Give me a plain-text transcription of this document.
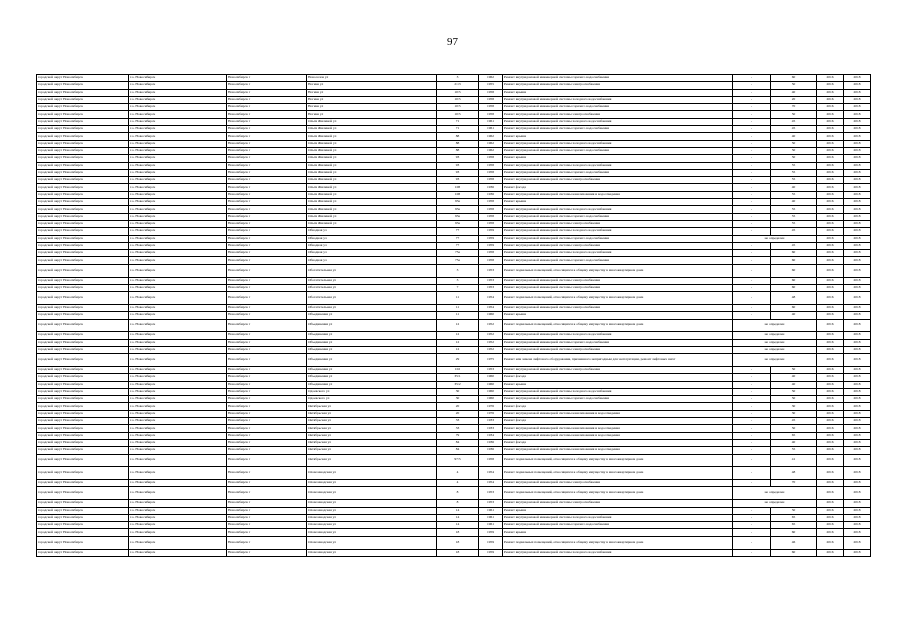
97
городской округ Новосибирск	г.о. Новосибирск	Новосибирск г	Новоселов ул	3	1962	Ремонт внутридомовой инженерной системы горячего водоснабжения	-	60	2016	2018
городской округ Новосибирск	г.о. Новосибирск	Новосибирск г	Ногина ул	2/13	1955	Ремонт внутридомовой инженерной системы электроснабжения	-	50	2016	2018
городской округ Новосибирск	г.о. Новосибирск	Новосибирск г	Ногина ул	10/5	1958	Ремонт крыши	-	40	2016	2018
городской округ Новосибирск	г.о. Новосибирск	Новосибирск г	Ногина ул	10/5	1958	Ремонт внутридомовой инженерной системы холодного водоснабжения	-	20	2016	2018
городской округ Новосибирск	г.о. Новосибирск	Новосибирск г	Ногина ул	10/5	1958	Ремонт внутридомовой инженерной системы горячего водоснабжения	-	70	2016	2018
городской округ Новосибирск	г.о. Новосибирск	Новосибирск г	Ногина ул	10/5	1958	Ремонт внутридомовой инженерной системы электроснабжения	-	50	2016	2018
городской округ Новосибирск	г.о. Новосибирск	Новосибирск г	Ольги Жилиной ул	71	1961	Ремонт внутридомовой инженерной системы холодного водоснабжения	-	45	2016	2018
городской округ Новосибирск	г.о. Новосибирск	Новосибирск г	Ольги Жилиной ул	71	1961	Ремонт внутридомовой инженерной системы горячего водоснабжения	-	45	2016	2018
городской округ Новосибирск	г.о. Новосибирск	Новосибирск г	Ольги Жилиной ул	88	1962	Ремонт крыши	-	40	2016	2018
городской округ Новосибирск	г.о. Новосибирск	Новосибирск г	Ольги Жилиной ул	88	1962	Ремонт внутридомовой инженерной системы холодного водоснабжения	-	50	2016	2018
городской округ Новосибирск	г.о. Новосибирск	Новосибирск г	Ольги Жилиной ул	88	1962	Ремонт внутридомовой инженерной системы горячего водоснабжения	-	50	2016	2018
городской округ Новосибирск	г.о. Новосибирск	Новосибирск г	Ольги Жилиной ул	93	1958	Ремонт крыши	-	50	2016	2018
городской округ Новосибирск	г.о. Новосибирск	Новосибирск г	Ольги Жилиной ул	93	1958	Ремонт внутридомовой инженерной системы холодного водоснабжения	-	55	2016	2018
городской округ Новосибирск	г.о. Новосибирск	Новосибирск г	Ольги Жилиной ул	93	1958	Ремонт внутридомовой инженерной системы горячего водоснабжения	-	55	2016	2018
городской округ Новосибирск	г.о. Новосибирск	Новосибирск г	Ольги Жилиной ул	93	1958	Ремонт внутридомовой инженерной системы электроснабжения	-	55	2016	2018
городской округ Новосибирск	г.о. Новосибирск	Новосибирск г	Ольги Жилиной ул	108	1936	Ремонт фасада	-	40	2016	2018
городской округ Новосибирск	г.о. Новосибирск	Новосибирск г	Ольги Жилиной ул	108	1936	Ремонт внутридомовой инженерной системы канализования и водоотведения	-	55	2016	2018
городской округ Новосибирск	г.о. Новосибирск	Новосибирск г	Ольги Жилиной ул	93а	1958	Ремонт крыши	-	40	2016	2018
городской округ Новосибирск	г.о. Новосибирск	Новосибирск г	Ольги Жилиной ул	93а	1958	Ремонт внутридомовой инженерной системы холодного водоснабжения	-	55	2016	2018
городской округ Новосибирск	г.о. Новосибирск	Новосибирск г	Ольги Жилиной ул	93а	1958	Ремонт внутридомовой инженерной системы горячего водоснабжения	-	55	2016	2018
городской округ Новосибирск	г.о. Новосибирск	Новосибирск г	Ольги Жилиной ул	93а	1958	Ремонт внутридомовой инженерной системы электроснабжения	-	55	2016	2018
городской округ Новосибирск	г.о. Новосибирск	Новосибирск г	Обводная ул	77	1959	Ремонт внутридомовой инженерной системы холодного водоснабжения	-	45	2016	2018
городской округ Новосибирск	г.о. Новосибирск	Новосибирск г	Обводная ул	77	1959	Ремонт внутридомовой инженерной системы горячего водоснабжения	не определен		2016	2018
городской округ Новосибирск	г.о. Новосибирск	Новосибирск г	Обводная ул	77	1959	Ремонт внутридомовой инженерной системы электроснабжения	-	45	2016	2018
городской округ Новосибирск	г.о. Новосибирск	Новосибирск г	Обводная ул	75а	1958	Ремонт внутридомовой инженерной системы холодного водоснабжения	-	60	2016	2018
городской округ Новосибирск	г.о. Новосибирск	Новосибирск г	Обводная ул	75а	1958	Ремонт внутридомовой инженерной системы горячего водоснабжения	-	60	2016	2018
городской округ Новосибирск	г.о. Новосибирск	Новосибирск г	Обогатительная ул	3	1953	Ремонт подвальных помещений, относящихся к общему имуществу в многоквартирном доме	-	60	2016	2018
городской округ Новосибирск	г.о. Новосибирск	Новосибирск г	Обогатительная ул	3	1953	Ремонт внутридомовой инженерной системы электроснабжения	-	60	2016	2018
городской округ Новосибирск	г.о. Новосибирск	Новосибирск г	Обогатительная ул	7	1953	Ремонт внутридомовой инженерной системы электроснабжения	-	60	2016	2018
городской округ Новосибирск	г.о. Новосибирск	Новосибирск г	Обогатительная ул	11	1954	Ремонт подвальных помещений, относящихся к общему имуществу в многоквартирном доме	-	48	2016	2018
городской округ Новосибирск	г.о. Новосибирск	Новосибирск г	Обогатительная ул	11	1954	Ремонт внутридомовой инженерной системы электроснабжения	-	60	2016	2018
городской округ Новосибирск	г.о. Новосибирск	Новосибирск г	Объединения ул	11	1960	Ремонт крыши	-	40	2016	2018
городской округ Новосибирск	г.о. Новосибирск	Новосибирск г	Объединения ул	12	1952	Ремонт подвальных помещений, относящихся к общему имуществу в многоквартирном доме	не определен		2016	2018
городской округ Новосибирск	г.о. Новосибирск	Новосибирск г	Объединения ул	12	1952	Ремонт внутридомовой инженерной системы холодного водоснабжения	не определен		2016	2018
городской округ Новосибирск	г.о. Новосибирск	Новосибирск г	Объединения ул	12	1952	Ремонт внутридомовой инженерной системы горячего водоснабжения	не определен		2016	2018
городской округ Новосибирск	г.о. Новосибирск	Новосибирск г	Объединения ул	12	1952	Ремонт внутридомовой инженерной системы электроснабжения	не определен		2016	2018
городской округ Новосибирск	г.о. Новосибирск	Новосибирск г	Объединения ул	29	1975	Ремонт или замена лифтового оборудования, признанного непригодным для эксплуатации, ремонт лифтовых шахт	не определен		2016	2018
городской округ Новосибирск	г.о. Новосибирск	Новосибирск г	Объединения ул	102	1953	Ремонт внутридомовой инженерной системы электроснабжения	-	50	2016	2018
городской округ Новосибирск	г.о. Новосибирск	Новосибирск г	Объединения ул	35/1	1960	Ремонт фасада	-	40	2016	2018
городской округ Новосибирск	г.о. Новосибирск	Новосибирск г	Объединения ул	35/2	1960	Ремонт крыши	-	40	2016	2018
городской округ Новосибирск	г.о. Новосибирск	Новосибирск г	Одоевского ул	30	1960	Ремонт внутридомовой инженерной системы холодного водоснабжения	-	50	2016	2018
городской округ Новосибирск	г.о. Новосибирск	Новосибирск г	Одоевского ул	30	1960	Ремонт внутридомовой инженерной системы горячего водоснабжения	-	50	2016	2018
городской округ Новосибирск	г.о. Новосибирск	Новосибирск г	Октябрьская ул	20	1976	Ремонт фасада	-	30	2016	2018
городской округ Новосибирск	г.о. Новосибирск	Новосибирск г	Октябрьская ул	20	1976	Ремонт внутридомовой инженерной системы канализования и водоотведения	-	30	2016	2018
городской округ Новосибирск	г.о. Новосибирск	Новосибирск г	Октябрьская ул	33	1933	Ремонт фасада	-	45	2016	2018
городской округ Новосибирск	г.о. Новосибирск	Новосибирск г	Октябрьская ул	33	1933	Ремонт внутридомовой инженерной системы канализования и водоотведения	-	50	2016	2018
городской округ Новосибирск	г.о. Новосибирск	Новосибирск г	Октябрьская ул	79	1934	Ремонт внутридомовой инженерной системы канализования и водоотведения	-	65	2016	2018
городской округ Новосибирск	г.о. Новосибирск	Новосибирск г	Октябрьская ул	84	1936	Ремонт фасада	-	40	2016	2018
городской округ Новосибирск	г.о. Новосибирск	Новосибирск г	Октябрьская ул	84	1936	Ремонт внутридомовой инженерной системы канализования и водоотведения	-	55	2016	2018
городской округ Новосибирск	г.о. Новосибирск	Новосибирск г	Октябрьская ул	97/5	1958	Ремонт подвальных помещений, относящихся к общему имуществу в многоквартирном доме	-	41	2016	2018
городской округ Новосибирск	г.о. Новосибирск	Новосибирск г	Оловозаводская ул	4	1954	Ремонт подвальных помещений, относящихся к общему имуществу в многоквартирном доме	-	48	2016	2018
городской округ Новосибирск	г.о. Новосибирск	Новосибирск г	Оловозаводская ул	4	1954	Ремонт внутридомовой инженерной системы электроснабжения	-	70	2016	2018
городской округ Новосибирск	г.о. Новосибирск	Новосибирск г	Оловозаводская ул	8	1953	Ремонт подвальных помещений, относящихся к общему имуществу в многоквартирном доме	не определен		2016	2018
городской округ Новосибирск	г.о. Новосибирск	Новосибирск г	Оловозаводская ул	8	1953	Ремонт внутридомовой инженерной системы электроснабжения	не определен		2016	2018
городской округ Новосибирск	г.о. Новосибирск	Новосибирск г	Оловозаводская ул	14	1961	Ремонт крыши	-	50	2016	2018
городской округ Новосибирск	г.о. Новосибирск	Новосибирск г	Оловозаводская ул	14	1961	Ремонт внутридомовой инженерной системы холодного водоснабжения	-	65	2016	2018
городской округ Новосибирск	г.о. Новосибирск	Новосибирск г	Оловозаводская ул	14	1961	Ремонт внутридомовой инженерной системы горячего водоснабжения	-	65	2016	2018
городской округ Новосибирск	г.о. Новосибирск	Новосибирск г	Оловозаводская ул	18	1959	Ремонт крыши	-	60	2016	2018
городской округ Новосибирск	г.о. Новосибирск	Новосибирск г	Оловозаводская ул	18	1959	Ремонт подвальных помещений, относящихся к общему имуществу в многоквартирном доме	-	46	2016	2018
городской округ Новосибирск	г.о. Новосибирск	Новосибирск г	Оловозаводская ул	18	1959	Ремонт внутридомовой инженерной системы холодного водоснабжения	-	60	2016	2018
